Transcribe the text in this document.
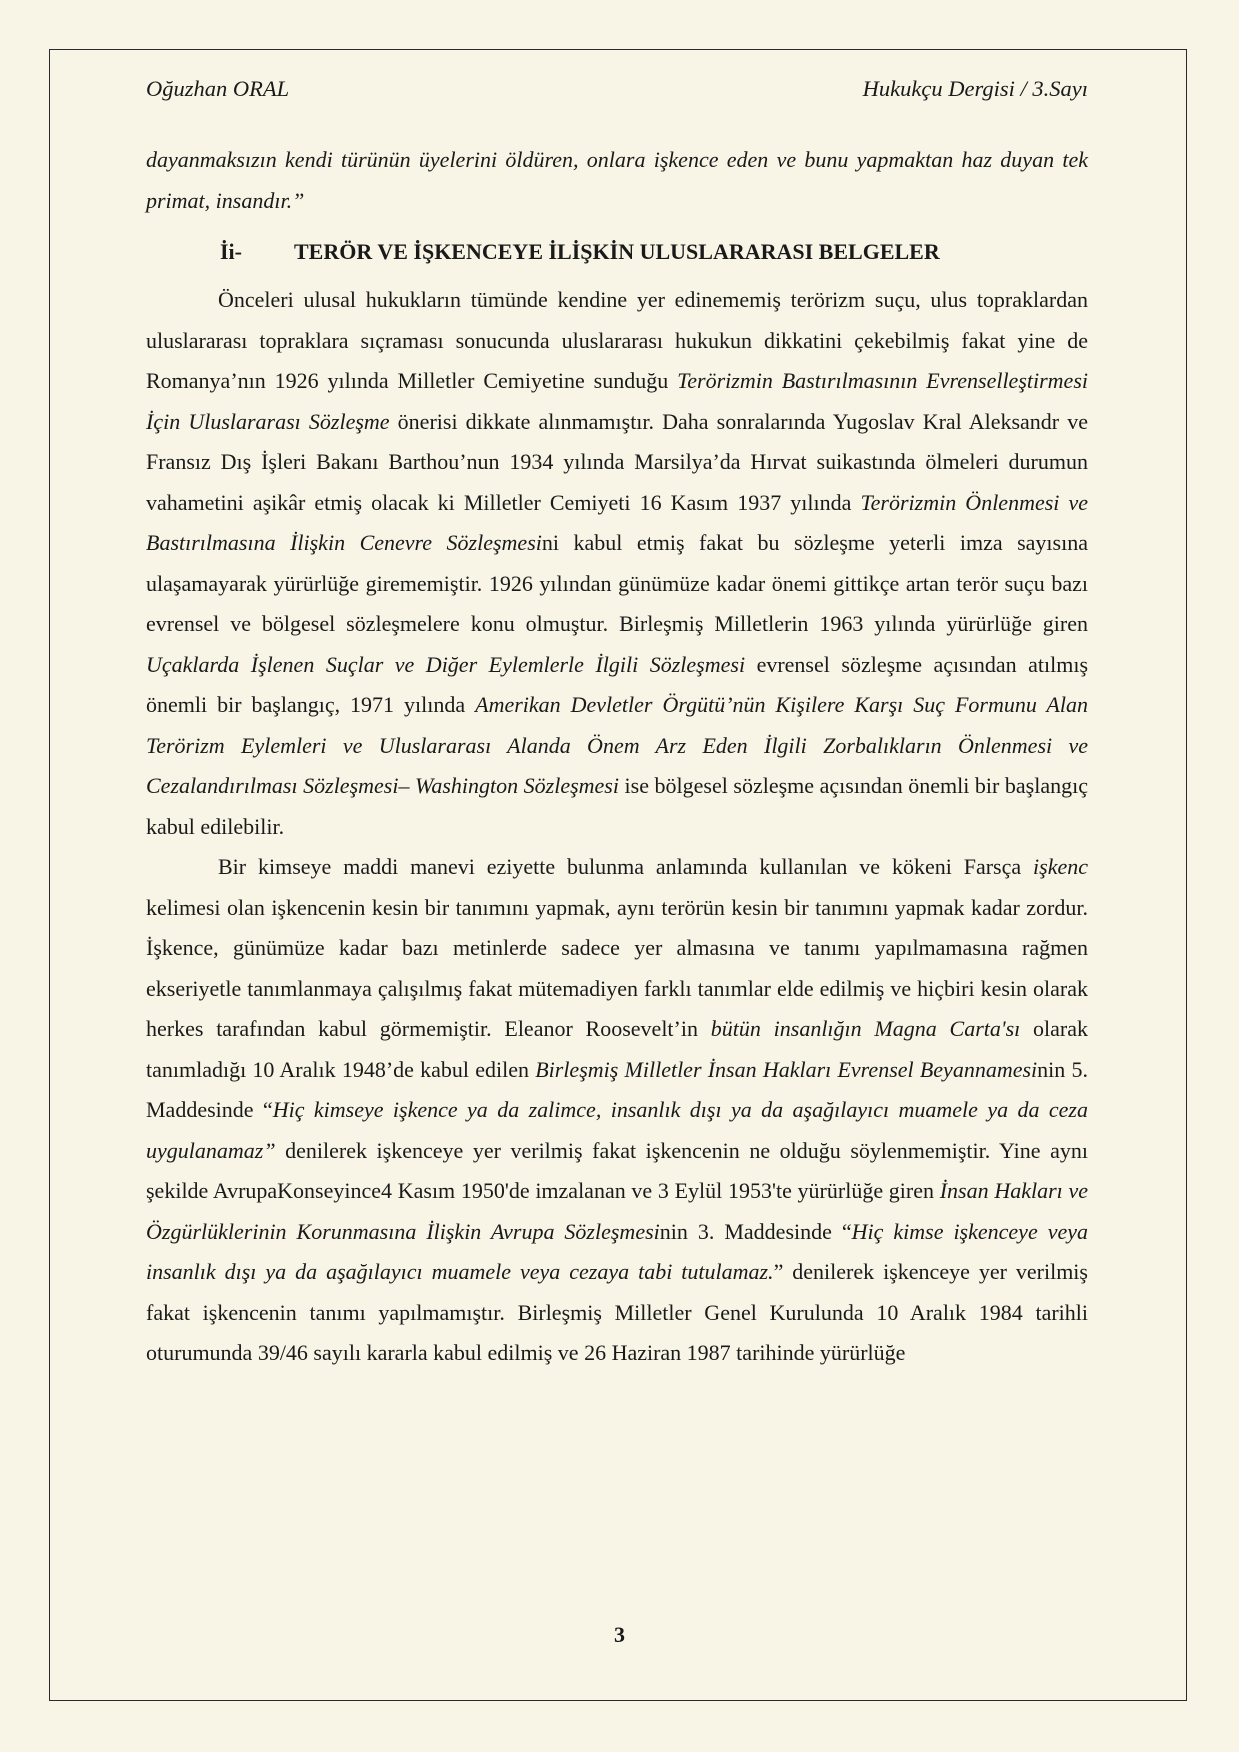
Oğuzhan ORAL	Hukukçu Dergisi / 3.Sayı

dayanmaksızın kendi türünün üyelerini öldüren, onlara işkence eden ve bunu yapmaktan haz duyan tek primat, insandır.”

İi-	TERÖR VE İŞKENCEYE İLİŞKİN ULUSLARARASI BELGELER

Önceleri ulusal hukukların tümünde kendine yer edinememiş terörizm suçu, ulus topraklardan uluslararası topraklara sıçraması sonucunda uluslararası hukukun dikkatini çekebilmiş fakat yine de Romanya’nın 1926 yılında Milletler Cemiyetine sunduğu Terörizmin Bastırılmasının Evrenselleştirmesi İçin Uluslararası Sözleşme önerisi dikkate alınmamıştır. Daha sonralarında Yugoslav Kral Aleksandr ve Fransız Dış İşleri Bakanı Barthou’nun 1934 yılında Marsilya’da Hırvat suikastında ölmeleri durumun vahametini aşikâr etmiş olacak ki Milletler Cemiyeti 16 Kasım 1937 yılında Terörizmin Önlenmesi ve Bastırılmasına İlişkin Cenevre Sözleşmesini kabul etmiş fakat bu sözleşme yeterli imza sayısına ulaşamayarak yürürlüğe girememiştir. 1926 yılından günümüze kadar önemi gittikçe artan terör suçu bazı evrensel ve bölgesel sözleşmelere konu olmuştur. Birleşmiş Milletlerin 1963 yılında yürürlüğe giren Uçaklarda İşlenen Suçlar ve Diğer Eylemlerle İlgili Sözleşmesi evrensel sözleşme açısından atılmış önemli bir başlangıç, 1971 yılında Amerikan Devletler Örgütü’nün Kişilere Karşı Suç Formunu Alan Terörizm Eylemleri ve Uluslararası Alanda Önem Arz Eden İlgili Zorbalıkların Önlenmesi ve Cezalandırılması Sözleşmesi– Washington Sözleşmesi ise bölgesel sözleşme açısından önemli bir başlangıç kabul edilebilir.

Bir kimseye maddi manevi eziyette bulunma anlamında kullanılan ve kökeni Farsça işkenc kelimesi olan işkencenin kesin bir tanımını yapmak, aynı terörün kesin bir tanımını yapmak kadar zordur. İşkence, günümüze kadar bazı metinlerde sadece yer almasına ve tanımı yapılmamasına rağmen ekseriyetle tanımlanmaya çalışılmış fakat mütemadiyen farklı tanımlar elde edilmiş ve hiçbiri kesin olarak herkes tarafından kabul görmemiştir. Eleanor Roosevelt’in bütün insanlığın Magna Carta'sı olarak tanımladığı 10 Aralık 1948’de kabul edilen Birleşmiş Milletler İnsan Hakları Evrensel Beyannamesinin 5. Maddesinde “Hiç kimseye işkence ya da zalimce, insanlık dışı ya da aşağılayıcı muamele ya da ceza uygulanamaz” denilerek işkenceye yer verilmiş fakat işkencenin ne olduğu söylenmemiştir. Yine aynı şekilde AvrupaKonseyince4 Kasım 1950'de imzalanan ve 3 Eylül 1953'te yürürlüğe giren İnsan Hakları ve Özgürlüklerinin Korunmasına İlişkin Avrupa Sözleşmesinin 3. Maddesinde “Hiç kimse işkenceye veya insanlık dışı ya da aşağılayıcı muamele veya cezaya tabi tutulamaz.” denilerek işkenceye yer verilmiş fakat işkencenin tanımı yapılmamıştır. Birleşmiş Milletler Genel Kurulunda 10 Aralık 1984 tarihli oturumunda 39/46 sayılı kararla kabul edilmiş ve 26 Haziran 1987 tarihinde yürürlüğe

3
